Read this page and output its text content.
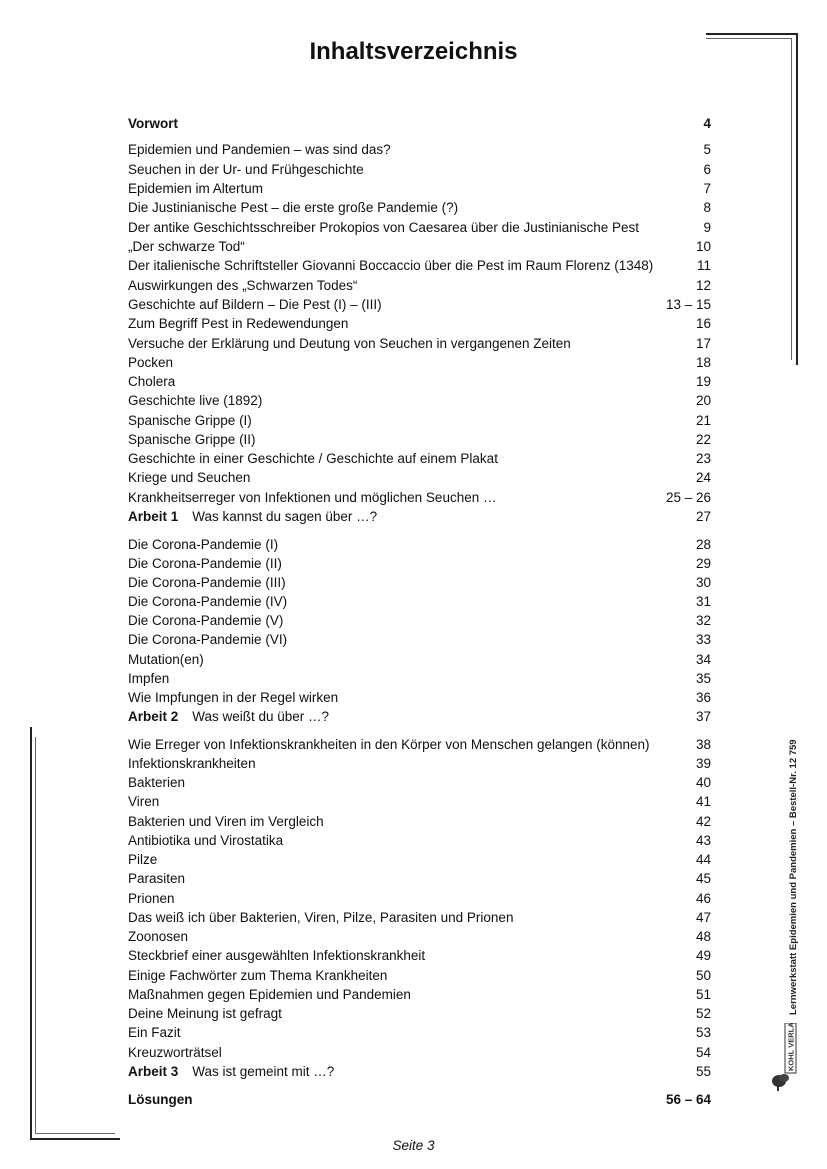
Inhaltsverzeichnis
Vorwort	4
Epidemien und Pandemien – was sind das?	5
Seuchen in der Ur- und Frühgeschichte	6
Epidemien im Altertum	7
Die Justinianische Pest – die erste große Pandemie (?)	8
Der antike Geschichtsschreiber Prokopios von Caesarea über die Justinianische Pest	9
„Der schwarze Tod“	10
Der italienische Schriftsteller Giovanni Boccaccio über die Pest im Raum Florenz (1348)	11
Auswirkungen des „Schwarzen Todes“	12
Geschichte auf Bildern – Die Pest (I) – (III)	13 – 15
Zum Begriff Pest in Redewendungen	16
Versuche der Erklärung und Deutung von Seuchen in vergangenen Zeiten	17
Pocken	18
Cholera	19
Geschichte live (1892)	20
Spanische Grippe (I)	21
Spanische Grippe (II)	22
Geschichte in einer Geschichte / Geschichte auf einem Plakat	23
Kriege und Seuchen	24
Krankheitserreger von Infektionen und möglichen Seuchen …	25 – 26
Arbeit 1 Was kannst du sagen über …?	27
Die Corona-Pandemie (I)	28
Die Corona-Pandemie (II)	29
Die Corona-Pandemie (III)	30
Die Corona-Pandemie (IV)	31
Die Corona-Pandemie (V)	32
Die Corona-Pandemie (VI)	33
Mutation(en)	34
Impfen	35
Wie Impfungen in der Regel wirken	36
Arbeit 2 Was weißt du über …?	37
Wie Erreger von Infektionskrankheiten in den Körper von Menschen gelangen (können)	38
Infektionskrankheiten	39
Bakterien	40
Viren	41
Bakterien und Viren im Vergleich	42
Antibiotika und Virostatika	43
Pilze	44
Parasiten	45
Prionen	46
Das weiß ich über Bakterien, Viren, Pilze, Parasiten und Prionen	47
Zoonosen	48
Steckbrief einer ausgewählten Infektionskrankheit	49
Einige Fachwörter zum Thema Krankheiten	50
Maßnahmen gegen Epidemien und Pandemien	51
Deine Meinung ist gefragt	52
Ein Fazit	53
Kreuzworträtsel	54
Arbeit 3 Was ist gemeint mit …?	55
Lösungen	56 – 64
Lernwerkstatt Epidemien und Pandemien – Bestell-Nr. 12 759
KOHL VERLAG
Seite 3
